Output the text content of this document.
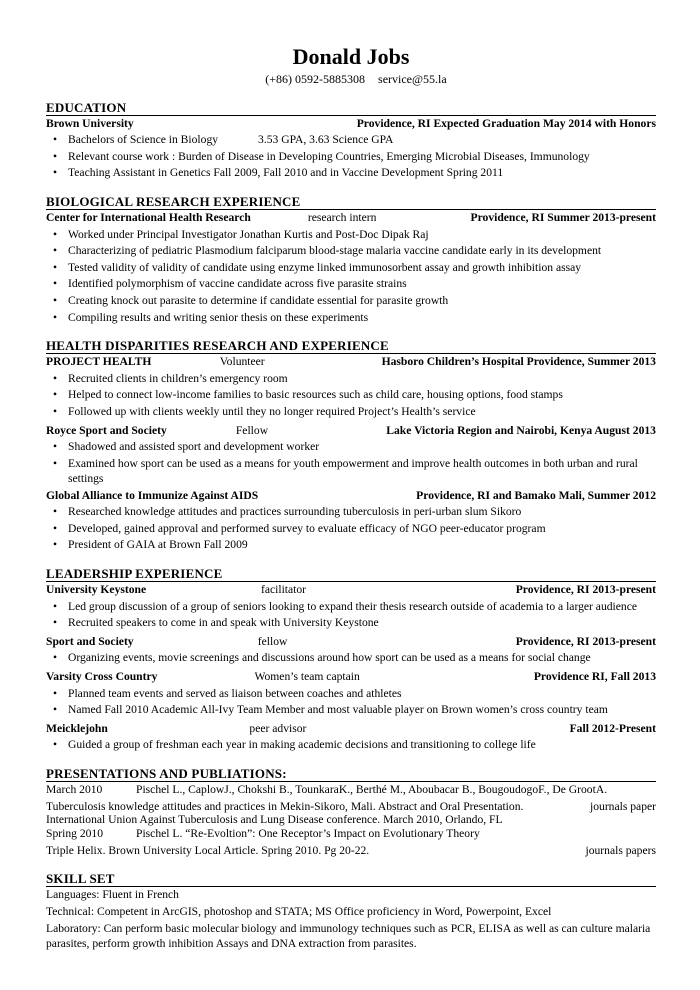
Donald Jobs
(+86) 0592-5885308 service@55.la
EDUCATION
Brown University	Providence, RI Expected Graduation May 2014 with Honors
• Bachelors of Science in Biology	3.53 GPA, 3.63 Science GPA
• Relevant course work : Burden of Disease in Developing Countries, Emerging Microbial Diseases, Immunology
• Teaching Assistant in Genetics Fall 2009, Fall 2010 and in Vaccine Development Spring 2011
BIOLOGICAL RESEARCH EXPERIENCE
Center for International Health Research	research intern	Providence, RI Summer 2013-present
• Worked under Principal Investigator Jonathan Kurtis and Post-Doc Dipak Raj
• Characterizing of pediatric Plasmodium falciparum blood-stage malaria vaccine candidate early in its development
• Tested validity of validity of candidate using enzyme linked immunosorbent assay and growth inhibition assay
• Identified polymorphism of vaccine candidate across five parasite strains
• Creating knock out parasite to determine if candidate essential for parasite growth
• Compiling results and writing senior thesis on these experiments
HEALTH DISPARITIES RESEARCH AND EXPERIENCE
PROJECT HEALTH	Volunteer	Hasboro Children’s Hospital Providence, Summer 2013
• Recruited clients in children’s emergency room
• Helped to connect low-income families to basic resources such as child care, housing options, food stamps
• Followed up with clients weekly until they no longer required Project’s Health’s service
Royce Sport and Society	Fellow	Lake Victoria Region and Nairobi, Kenya August 2013
• Shadowed and assisted sport and development worker
• Examined how sport can be used as a means for youth empowerment and improve health outcomes in both urban and rural settings
Global Alliance to Immunize Against AIDS	Providence, RI and Bamako Mali, Summer 2012
• Researched knowledge attitudes and practices surrounding tuberculosis in peri-urban slum Sikoro
• Developed, gained approval and performed survey to evaluate efficacy of NGO peer-educator program
• President of GAIA at Brown Fall 2009
LEADERSHIP EXPERIENCE
University Keystone	facilitator	Providence, RI 2013-present
• Led group discussion of a group of seniors looking to expand their thesis research outside of academia to a larger audience
• Recruited speakers to come in and speak with University Keystone
Sport and Society	fellow	Providence, RI 2013-present
• Organizing events, movie screenings and discussions around how sport can be used as a means for social change
Varsity Cross Country	Women’s team captain	Providence RI, Fall 2013
• Planned team events and served as liaison between coaches and athletes
• Named Fall 2010 Academic All-Ivy Team Member and most valuable player on Brown women’s cross country team
Meicklejohn	peer advisor	Fall 2012-Present
• Guided a group of freshman each year in making academic decisions and transitioning to college life
PRESENTATIONS AND PUBLIATIONS:
March 2010	Pischel L., CaplowJ., Chokshi B., TounkaraK., Berthé M., Aboubacar B., BougoudogoF., De GrootA.
Tuberculosis knowledge attitudes and practices in Mekin-Sikoro, Mali. Abstract and Oral Presentation.	journals paper
International Union Against Tuberculosis and Lung Disease conference. March 2010, Orlando, FL
Spring 2010	Pischel L. “Re-Evoltion”: One Receptor’s Impact on Evolutionary Theory
Triple Helix. Brown University Local Article. Spring 2010. Pg 20-22.	journals papers
SKILL SET

Languages: Fluent in French

Technical: Competent in ArcGIS, photoshop and STATA; MS Office proficiency in Word, Powerpoint, Excel

Laboratory: Can perform basic molecular biology and immunology techniques such as PCR, ELISA as well as can culture malaria parasites, perform growth inhibition Assays and DNA extraction from parasites.
